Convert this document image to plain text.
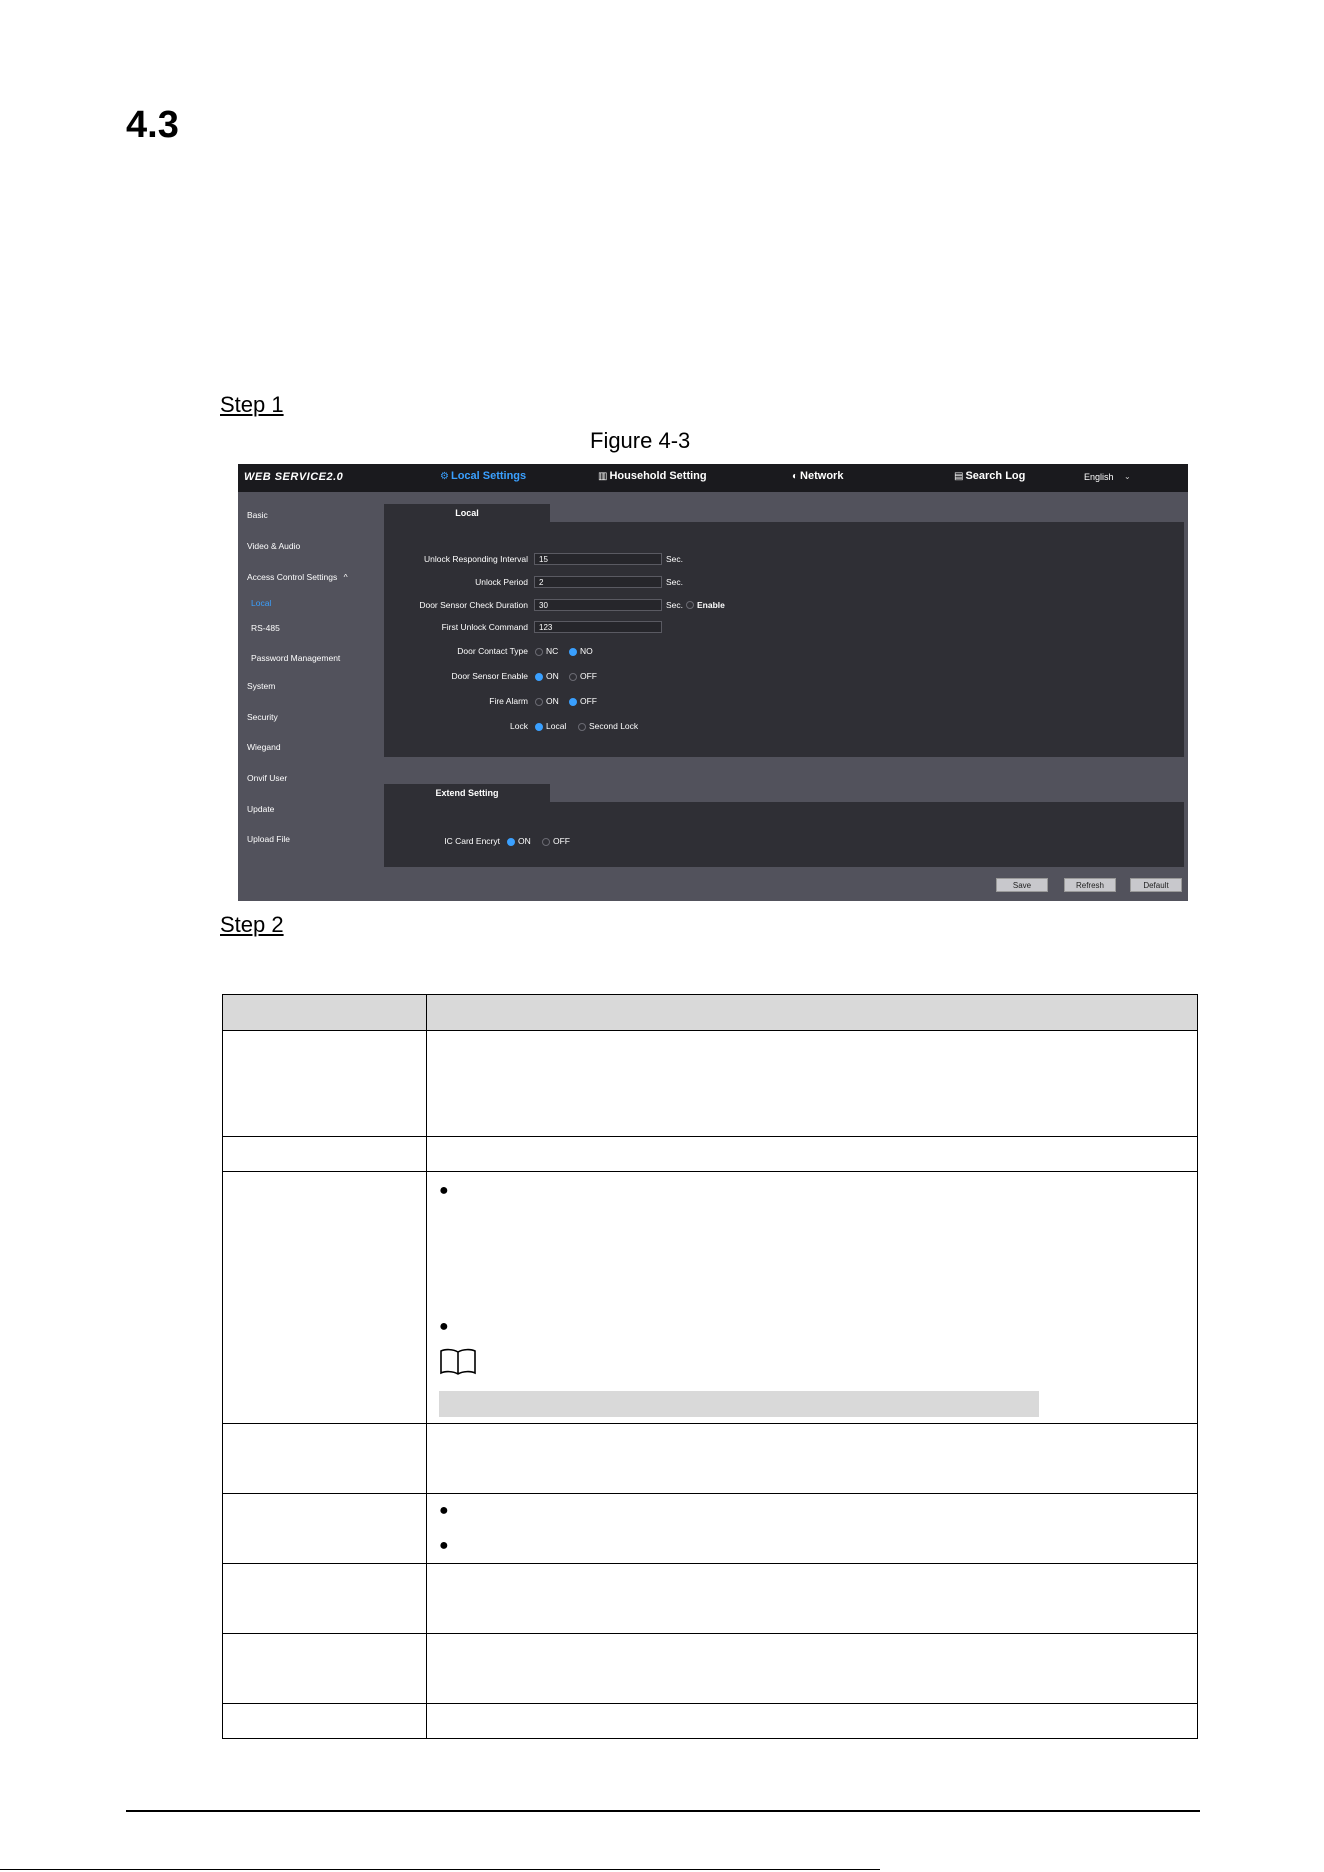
4.3
Step 1
Figure 4-3
WEB SERVICE2.0	⚙ Local Settings	▥ Household Setting	◐ Network	▤ Search Log	English ⌄
Basic
Video & Audio
Access Control Settings ^
Local
RS-485
Password Management
System
Security
Wiegand
Onvif User
Update
Upload File
Local
Unlock Responding Interval	15	Sec.
Unlock Period	2	Sec.
Door Sensor Check Duration	30	Sec. Enable
First Unlock Command	123
Door Contact Type NC	NO
Door Sensor Enable ON	OFF
Fire Alarm ON	OFF
Lock Local	Second Lock
Extend Setting
IC Card Encryt ON	OFF
Save	Refresh	Default
Step 2
●
●
●
●
